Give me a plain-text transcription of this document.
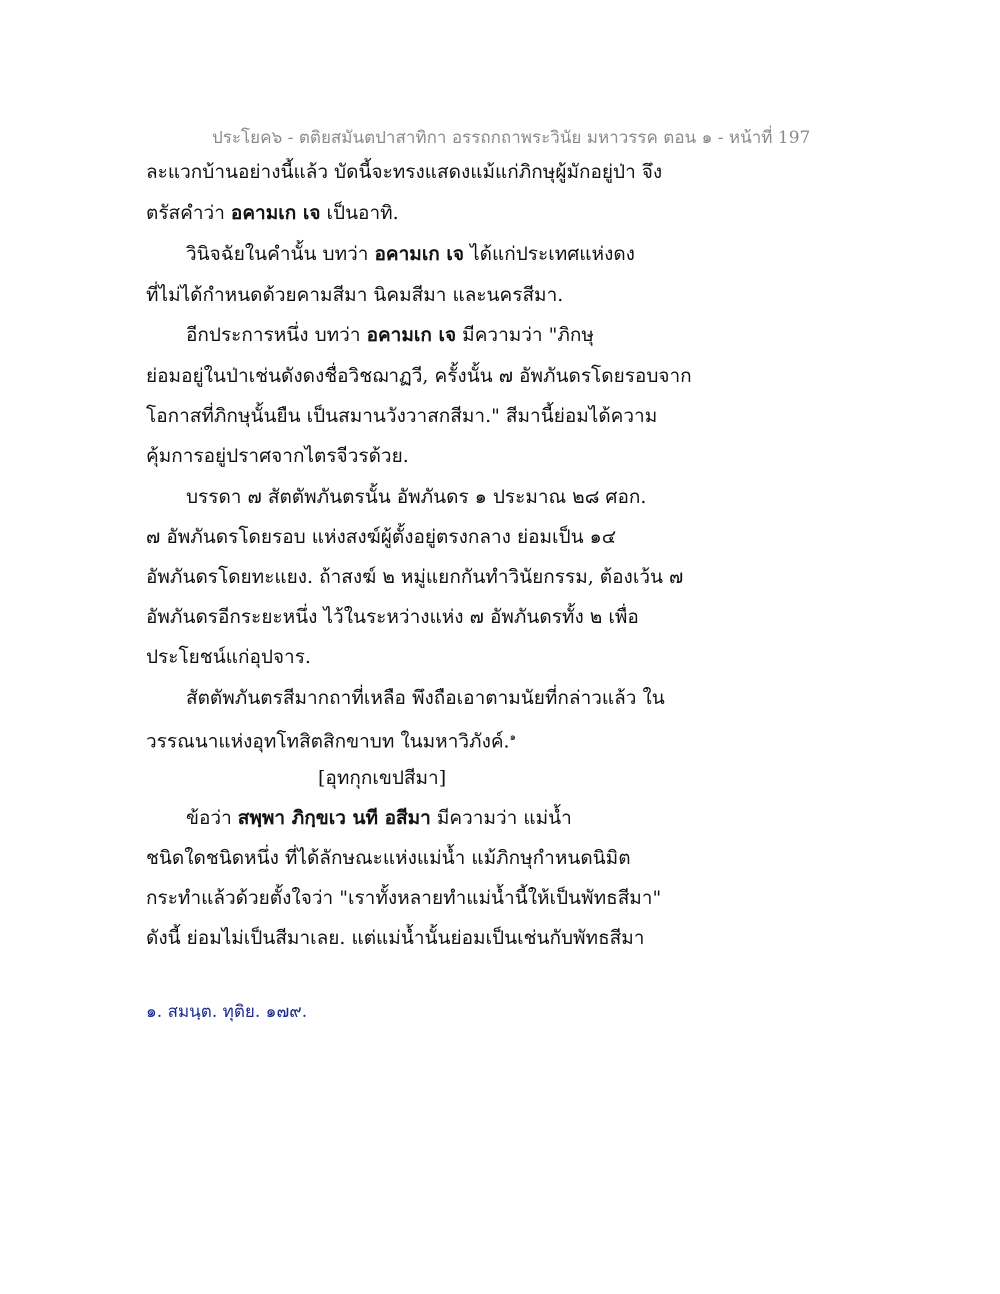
ประโยค๖ - ตติยสมันตปาสาทิกา อรรถกถาพระวินัย มหาวรรค ตอน ๑ - หน้าที่ 197
ละแวกบ้านอย่างนี้แล้ว บัดนี้จะทรงแสดงแม้แก่ภิกษุผู้มักอยู่ป่า จึง
ตรัสคำว่า อคามเก เจ เป็นอาทิ.
วินิจฉัยในคำนั้น บทว่า อคามเก เจ ได้แก่ประเทศแห่งดง
ที่ไม่ได้กำหนดด้วยคามสีมา นิคมสีมา และนครสีมา.
อีกประการหนึ่ง บทว่า อคามเก เจ มีความว่า "ภิกษุ
ย่อมอยู่ในป่าเช่นดังดงชื่อวิชฌาฏวี, ครั้งนั้น ๗ อัพภันดรโดยรอบจาก
โอกาสที่ภิกษุนั้นยืน เป็นสมานวังวาสกสีมา." สีมานี้ย่อมได้ความ
คุ้มการอยู่ปราศจากไตรจีวรด้วย.
บรรดา ๗ สัตตัพภันตรนั้น อัพภันดร ๑ ประมาณ ๒๘ ศอก.
๗ อัพภันดรโดยรอบ แห่งสงฆ์ผู้ตั้งอยู่ตรงกลาง ย่อมเป็น ๑๔
อัพภันดรโดยทะแยง. ถ้าสงฆ์ ๒ หมู่แยกกันทำวินัยกรรม, ต้องเว้น ๗
อัพภันดรอีกระยะหนึ่ง ไว้ในระหว่างแห่ง ๗ อัพภันดรทั้ง ๒ เพื่อ
ประโยชน์แก่อุปจาร.
สัตตัพภันตรสีมากถาที่เหลือ พึงถือเอาตามนัยที่กล่าวแล้ว ใน
วรรณนาแห่งอุทโทสิตสิกขาบท ในมหาวิภังค์.$^๑$
[อุทกุกเขปสีมา]
ข้อว่า สพฺพา ภิกฺขเว นที อสีมา มีความว่า แม่น้ำ
ชนิดใดชนิดหนึ่ง ที่ได้ลักษณะแห่งแม่น้ำ แม้ภิกษุกำหนดนิมิต
กระทำแล้วด้วยตั้งใจว่า "เราทั้งหลายทำแม่น้ำนี้ให้เป็นพัทธสีมา"
ดังนี้ ย่อมไม่เป็นสีมาเลย. แต่แม่น้ำนั้นย่อมเป็นเช่นกับพัทธสีมา
๑. สมนฺต. ทุติย. ๑๗๙.
